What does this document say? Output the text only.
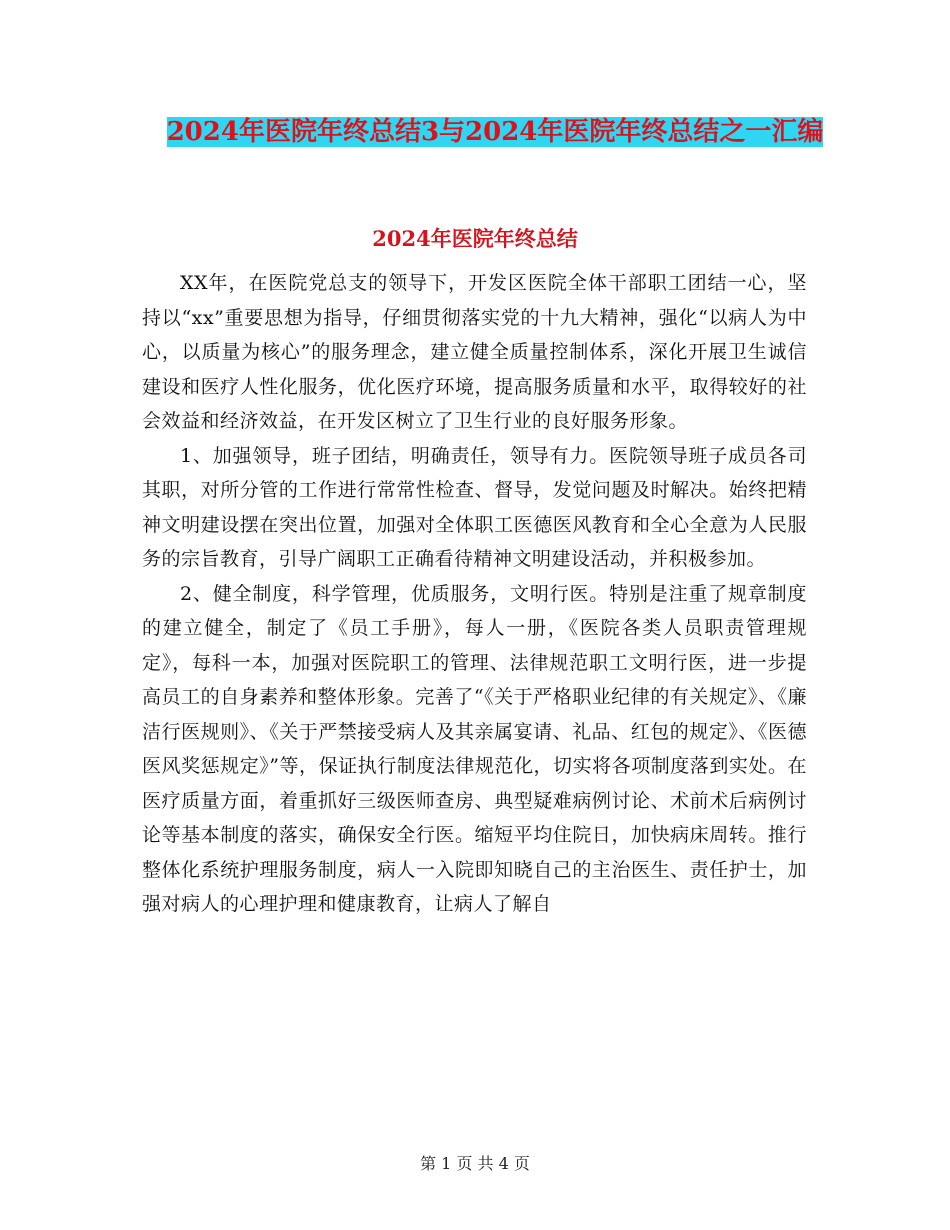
2024年医院年终总结3与2024年医院年终总结之一汇编
2024年医院年终总结

XX年，在医院党总支的领导下，开发区医院全体干部职工团结一心，坚持以“xx”重要思想为指导，仔细贯彻落实党的十九大精神，强化“以病人为中心，以质量为核心”的服务理念，建立健全质量控制体系，深化开展卫生诚信建设和医疗人性化服务，优化医疗环境，提高服务质量和水平，取得较好的社会效益和经济效益，在开发区树立了卫生行业的良好服务形象。

1、加强领导，班子团结，明确责任，领导有力。医院领导班子成员各司其职，对所分管的工作进行常常性检查、督导，发觉问题及时解决。始终把精神文明建设摆在突出位置，加强对全体职工医德医风教育和全心全意为人民服务的宗旨教育，引导广阔职工正确看待精神文明建设活动，并积极参加。

2、健全制度，科学管理，优质服务，文明行医。特别是注重了规章制度的建立健全，制定了《员工手册》，每人一册，《医院各类人员职责管理规定》，每科一本，加强对医院职工的管理、法律规范职工文明行医，进一步提高员工的自身素养和整体形象。完善了“《关于严格职业纪律的有关规定》、《廉洁行医规则》、《关于严禁接受病人及其亲属宴请、礼品、红包的规定》、《医德医风奖惩规定》”等，保证执行制度法律规范化，切实将各项制度落到实处。在医疗质量方面，着重抓好三级医师查房、典型疑难病例讨论、术前术后病例讨论等基本制度的落实，确保安全行医。缩短平均住院日，加快病床周转。推行整体化系统护理服务制度，病人一入院即知晓自己的主治医生、责任护士，加强对病人的心理护理和健康教育，让病人了解自

第 1 页 共 4 页
